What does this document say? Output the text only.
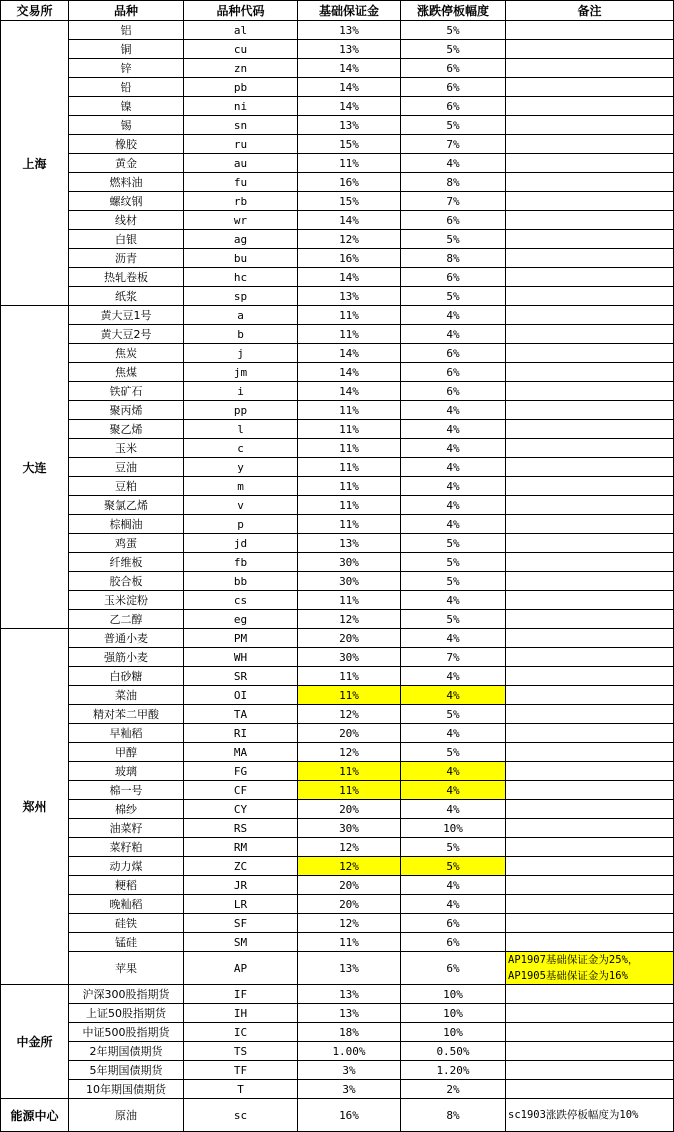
交易所	品种	品种代码	基础保证金	涨跌停板幅度	备注
上海	铝	al	13%	5%	
	铜	cu	13%	5%	
	锌	zn	14%	6%	
	铅	pb	14%	6%	
	镍	ni	14%	6%	
	锡	sn	13%	5%	
	橡胶	ru	15%	7%	
	黄金	au	11%	4%	
	燃料油	fu	16%	8%	
	螺纹钢	rb	15%	7%	
	线材	wr	14%	6%	
	白银	ag	12%	5%	
	沥青	bu	16%	8%	
	热轧卷板	hc	14%	6%	
	纸浆	sp	13%	5%	
大连	黄大豆1号	a	11%	4%	
	黄大豆2号	b	11%	4%	
	焦炭	j	14%	6%	
	焦煤	jm	14%	6%	
	铁矿石	i	14%	6%	
	聚丙烯	pp	11%	4%	
	聚乙烯	l	11%	4%	
	玉米	c	11%	4%	
	豆油	y	11%	4%	
	豆粕	m	11%	4%	
	聚氯乙烯	v	11%	4%	
	棕榈油	p	11%	4%	
	鸡蛋	jd	13%	5%	
	纤维板	fb	30%	5%	
	胶合板	bb	30%	5%	
	玉米淀粉	cs	11%	4%	
	乙二醇	eg	12%	5%	
郑州	普通小麦	PM	20%	4%	
	强筋小麦	WH	30%	7%	
	白砂糖	SR	11%	4%	
	菜油	OI	11%	4%	
	精对苯二甲酸	TA	12%	5%	
	早籼稻	RI	20%	4%	
	甲醇	MA	12%	5%	
	玻璃	FG	11%	4%	
	棉一号	CF	11%	4%	
	棉纱	CY	20%	4%	
	油菜籽	RS	30%	10%	
	菜籽粕	RM	12%	5%	
	动力煤	ZC	12%	5%	
	粳稻	JR	20%	4%	
	晚籼稻	LR	20%	4%	
	硅铁	SF	12%	6%	
	锰硅	SM	11%	6%	
	苹果	AP	13%	6%	AP1907基础保证金为25%，AP1905基础保证金为16%
中金所	沪深300股指期货	IF	13%	10%	
	上证50股指期货	IH	13%	10%	
	中证500股指期货	IC	18%	10%	
	2年期国债期货	TS	1.00%	0.50%	
	5年期国债期货	TF	3%	1.20%	
	10年期国债期货	T	3%	2%	
能源中心	原油	sc	16%	8%	sc1903涨跌停板幅度为10%
